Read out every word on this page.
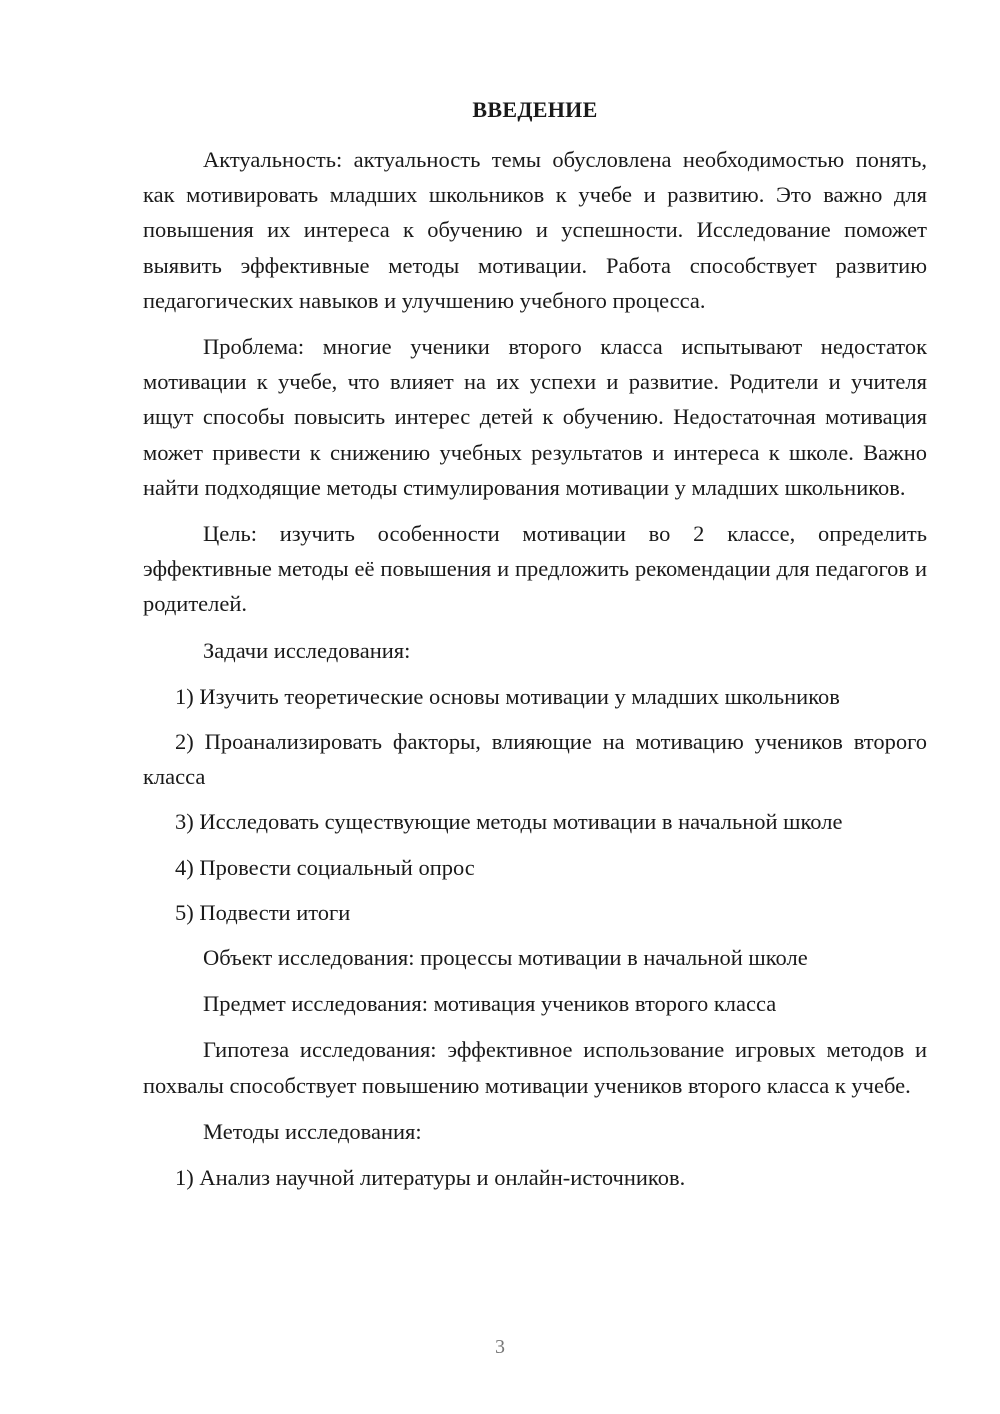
ВВЕДЕНИЕ

Актуальность: актуальность темы обусловлена необходимостью понять, как мотивировать младших школьников к учебе и развитию. Это важно для повышения их интереса к обучению и успешности. Исследование поможет выявить эффективные методы мотивации. Работа способствует развитию педагогических навыков и улучшению учебного процесса.

Проблема: многие ученики второго класса испытывают недостаток мотивации к учебе, что влияет на их успехи и развитие. Родители и учителя ищут способы повысить интерес детей к обучению. Недостаточная мотивация может привести к снижению учебных результатов и интереса к школе. Важно найти подходящие методы стимулирования мотивации у младших школьников.

Цель: изучить особенности мотивации во 2 классе, определить эффективные методы её повышения и предложить рекомендации для педагогов и родителей.

Задачи исследования:

1) Изучить теоретические основы мотивации у младших школьников

2) Проанализировать факторы, влияющие на мотивацию учеников второго класса

3) Исследовать существующие методы мотивации в начальной школе

4) Провести социальный опрос

5) Подвести итоги

Объект исследования: процессы мотивации в начальной школе

Предмет исследования: мотивация учеников второго класса

Гипотеза исследования: эффективное использование игровых методов и похвалы способствует повышению мотивации учеников второго класса к учебе.

Методы исследования:

1) Анализ научной литературы и онлайн-источников.

3
